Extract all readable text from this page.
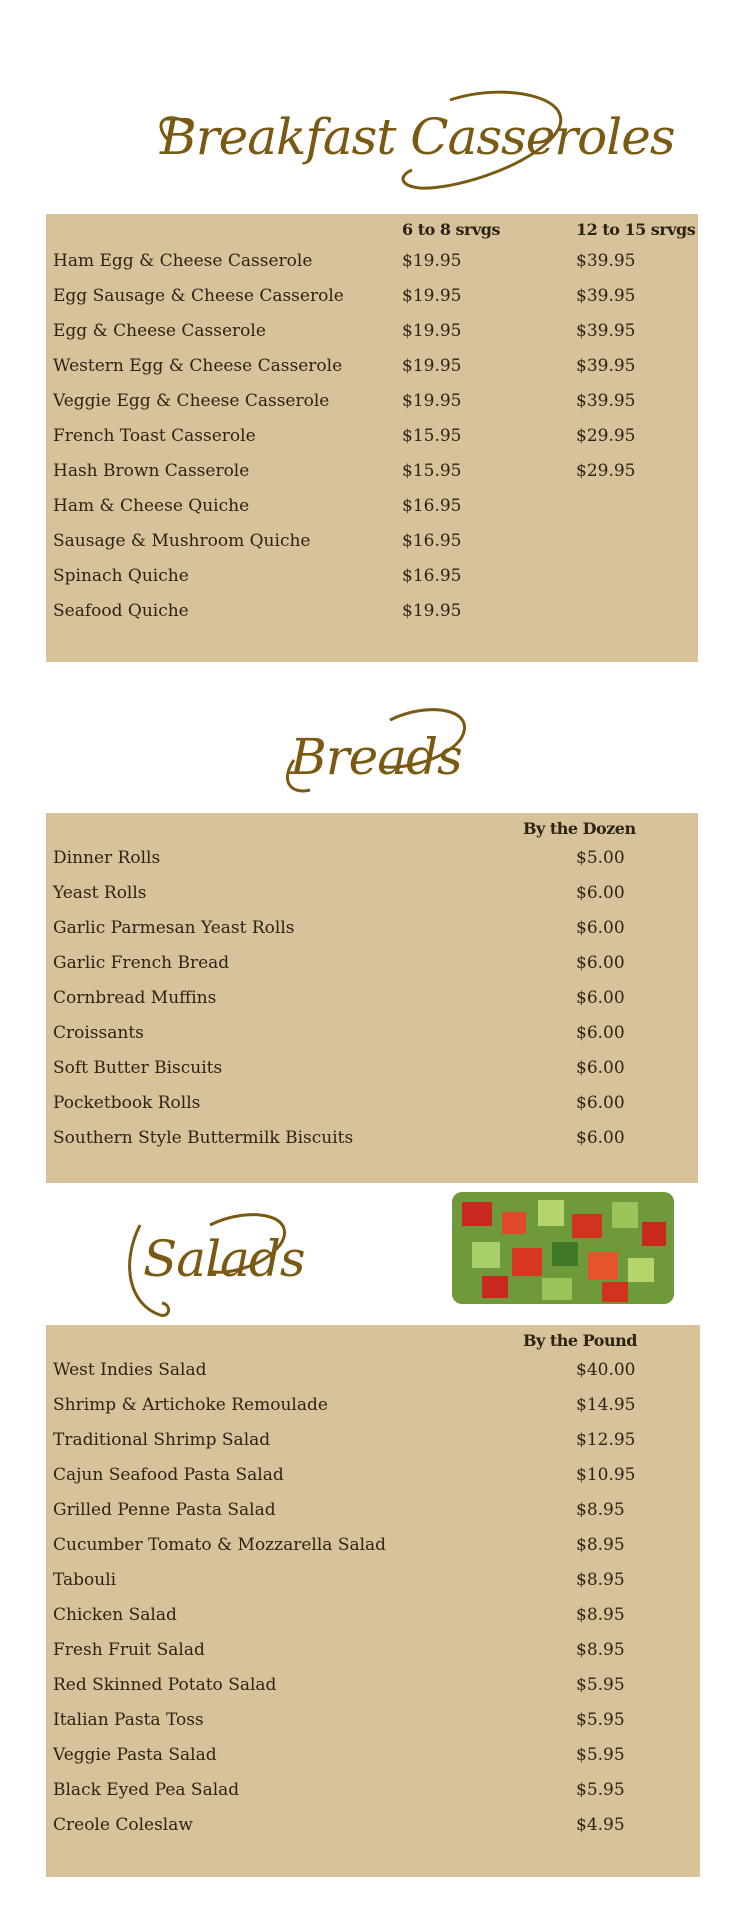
Breakfast Casseroles
6 to 8 srvgs	12 to 15 srvgs
Ham Egg & Cheese Casserole	$19.95	$39.95
Egg Sausage & Cheese Casserole	$19.95	$39.95
Egg & Cheese Casserole	$19.95	$39.95
Western Egg & Cheese Casserole	$19.95	$39.95
Veggie Egg & Cheese Casserole	$19.95	$39.95
French Toast Casserole	$15.95	$29.95
Hash Brown Casserole	$15.95	$29.95
Ham & Cheese Quiche	$16.95
Sausage & Mushroom Quiche	$16.95
Spinach Quiche	$16.95
Seafood Quiche	$19.95
Breads
By the Dozen
Dinner Rolls	$5.00
Yeast Rolls	$6.00
Garlic Parmesan Yeast Rolls	$6.00
Garlic French Bread	$6.00
Cornbread Muffins	$6.00
Croissants	$6.00
Soft Butter Biscuits	$6.00
Pocketbook Rolls	$6.00
Southern Style Buttermilk Biscuits	$6.00
Salads
By the Pound
West Indies Salad	$40.00
Shrimp & Artichoke Remoulade	$14.95
Traditional Shrimp Salad	$12.95
Cajun Seafood Pasta Salad	$10.95
Grilled Penne Pasta Salad	$8.95
Cucumber Tomato & Mozzarella Salad	$8.95
Tabouli	$8.95
Chicken Salad	$8.95
Fresh Fruit Salad	$8.95
Red Skinned Potato Salad	$5.95
Italian Pasta Toss	$5.95
Veggie Pasta Salad	$5.95
Black Eyed Pea Salad	$5.95
Creole Coleslaw	$4.95
